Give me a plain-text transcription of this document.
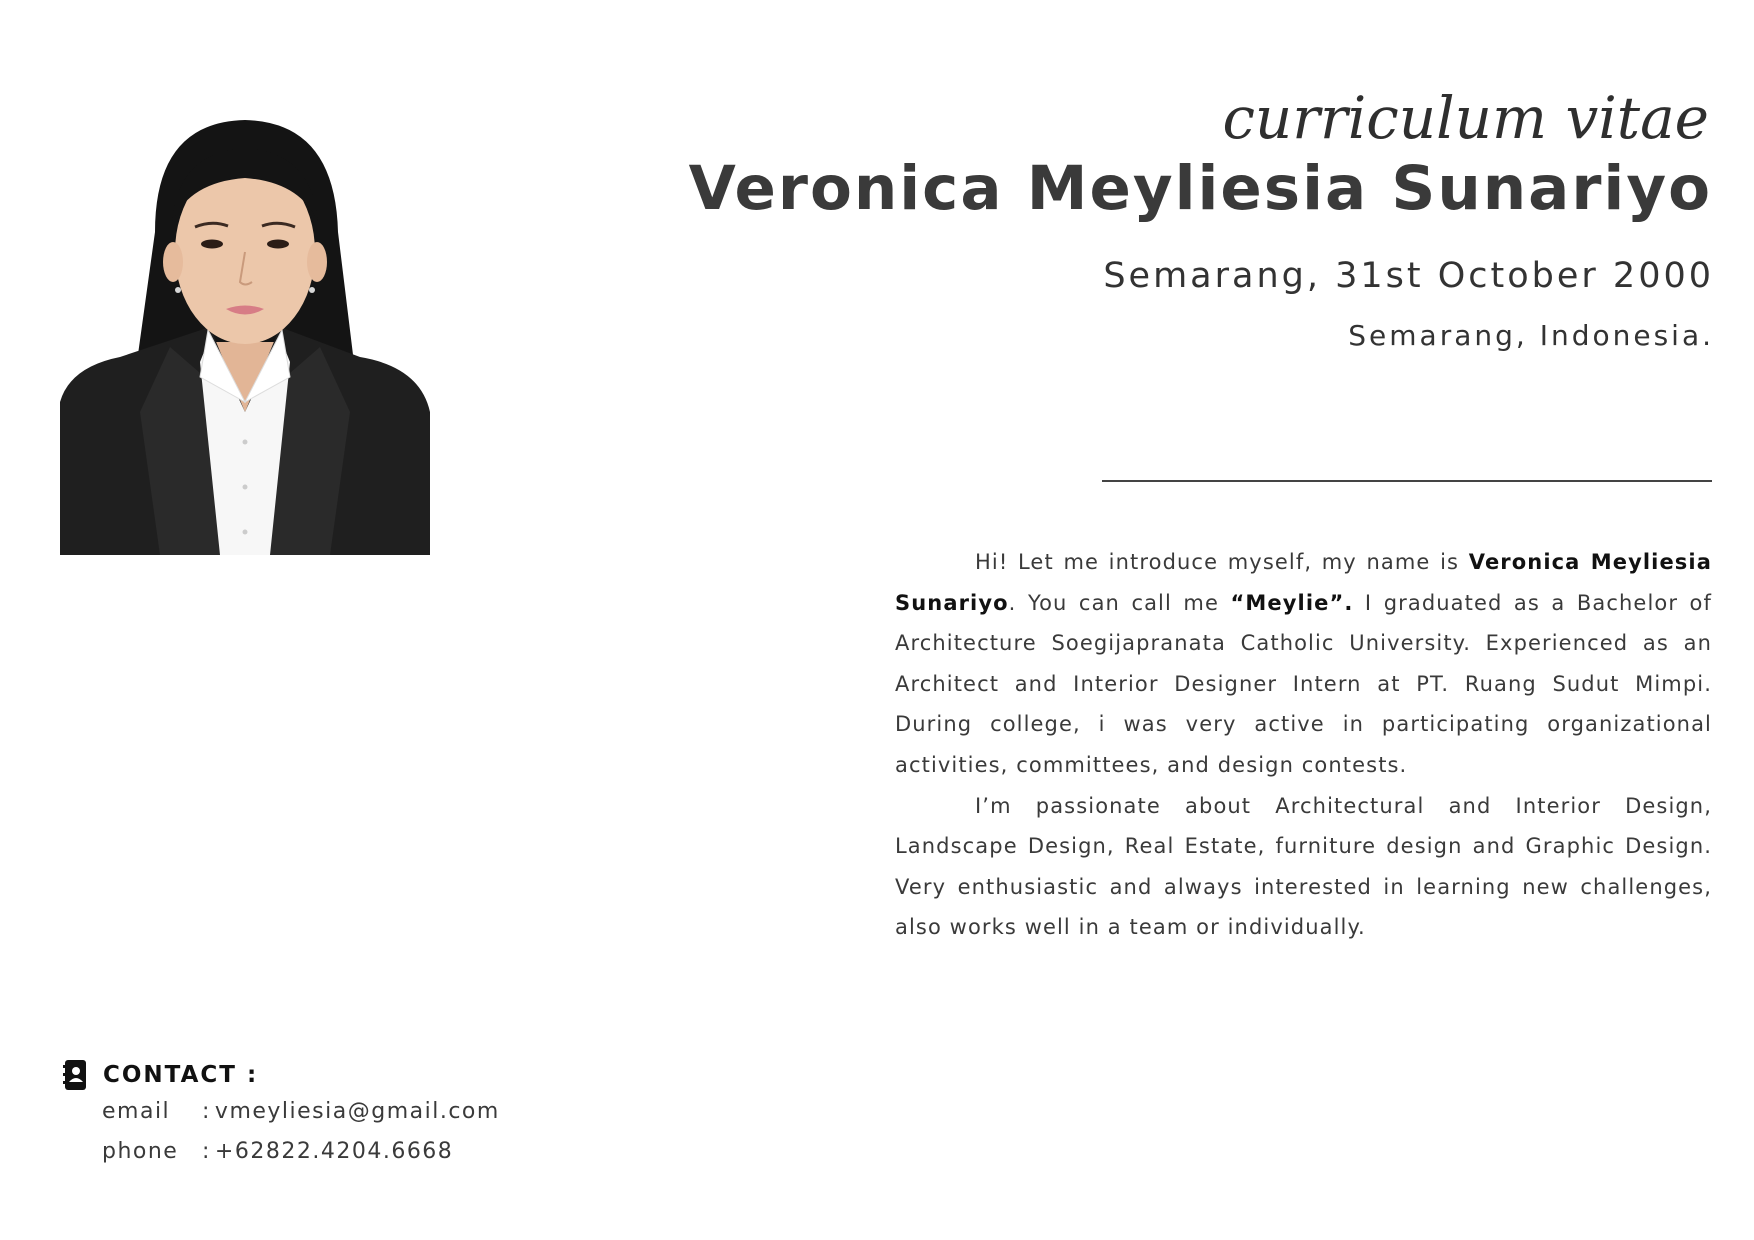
curriculum vitae
Veronica Meyliesia Sunariyo
Semarang, 31st October 2000
Semarang, Indonesia.

Hi! Let me introduce myself, my name is Veronica Meyliesia Sunariyo. You can call me “Meylie”. I graduated as a Bachelor of Architecture Soegijapranata Catholic University. Experienced as an Architect and Interior Designer Intern at PT. Ruang Sudut Mimpi. During college, i was very active in participating organizational activities, committees, and design contests.

I’m passionate about Architectural and Interior Design, Landscape Design, Real Estate, furniture design and Graphic Design. Very enthusiastic and always interested in learning new challenges, also works well in a team or individually.

CONTACT :
email : vmeyliesia@gmail.com
phone : +62822.4204.6668
